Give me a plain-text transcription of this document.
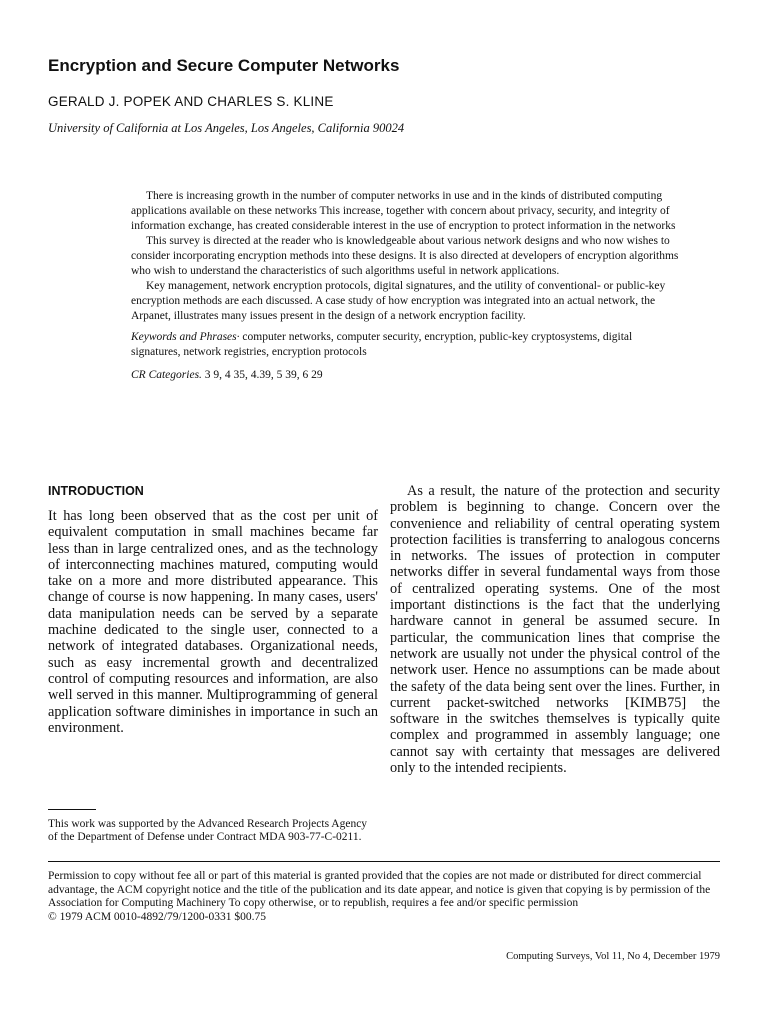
Encryption and Secure Computer Networks
GERALD J. POPEK AND CHARLES S. KLINE
University of California at Los Angeles, Los Angeles, California 90024

There is increasing growth in the number of computer networks in use and in the kinds of distributed computing applications available on these networks This increase, together with concern about privacy, security, and integrity of information exchange, has created considerable interest in the use of encryption to protect information in the networks

This survey is directed at the reader who is knowledgeable about various network designs and who now wishes to consider incorporating encryption methods into these designs. It is also directed at developers of encryption algorithms who wish to understand the characteristics of such algorithms useful in network applications.

Key management, network encryption protocols, digital signatures, and the utility of conventional- or public-key encryption methods are each discussed. A case study of how encryption was integrated into an actual network, the Arpanet, illustrates many issues present in the design of a network encryption facility.

Keywords and Phrases· computer networks, computer security, encryption, public-key cryptosystems, digital signatures, network registries, encryption protocols

CR Categories. 3 9, 4 35, 4.39, 5 39, 6 29

INTRODUCTION

It has long been observed that as the cost per unit of equivalent computation in small machines became far less than in large centralized ones, and as the technology of interconnecting machines matured, computing would take on a more and more distributed appearance. This change of course is now happening. In many cases, users' data manipulation needs can be served by a separate machine dedicated to the single user, connected to a network of integrated databases. Organizational needs, such as easy incremental growth and decentralized control of computing resources and information, are also well served in this manner. Multiprogramming of general application software diminishes in importance in such an environment.

As a result, the nature of the protection and security problem is beginning to change. Concern over the convenience and reliability of central operating system protection facilities is transferring to analogous concerns in networks. The issues of protection in computer networks differ in several fundamental ways from those of centralized operating systems. One of the most important distinctions is the fact that the underlying hardware cannot in general be assumed secure. In particular, the communication lines that comprise the network are usually not under the physical control of the network user. Hence no assumptions can be made about the safety of the data being sent over the lines. Further, in current packet-switched networks [KIMB75] the software in the switches themselves is typically quite complex and programmed in assembly language; one cannot say with certainty that messages are delivered only to the intended recipients.

This work was supported by the Advanced Research Projects Agency of the Department of Defense under Contract MDA 903-77-C-0211.

Permission to copy without fee all or part of this material is granted provided that the copies are not made or distributed for direct commercial advantage, the ACM copyright notice and the title of the publication and its date appear, and notice is given that copying is by permission of the Association for Computing Machinery To copy otherwise, or to republish, requires a fee and/or specific permission

© 1979 ACM 0010-4892/79/1200-0331 $00.75

Computing Surveys, Vol 11, No 4, December 1979
